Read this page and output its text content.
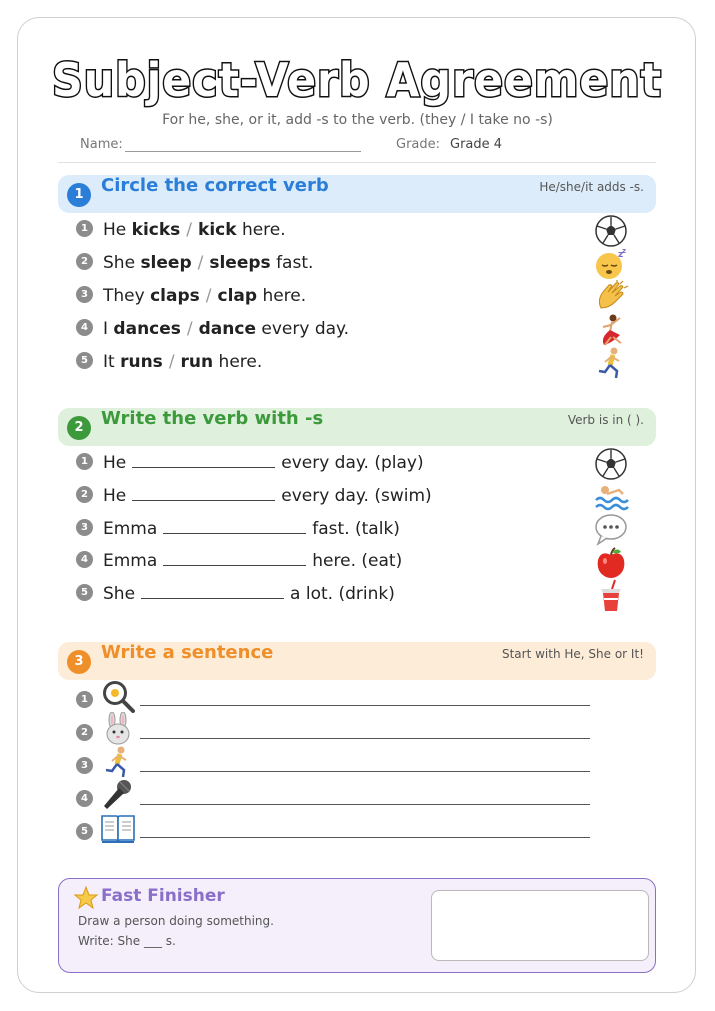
Subject-Verb Agreement
For he, she, or it, add -s to the verb. (they / I take no -s)
Name:	Grade: Grade 4
1 Circle the correct verb	He/she/it adds -s.
1 He kicks / kick here.
2 She sleep / sleeps fast.
3 They claps / clap here.
4 I dances / dance every day.
5 It runs / run here.
z
z
2 Write the verb with -s	Verb is in ( ).
1 He	every day. (play)
2 He	every day. (swim)
3 Emma	fast. (talk)
4 Emma	here. (eat)
5 She	a lot. (drink)
3 Write a sentence	Start with He, She or It!
1
2
3
4
5
Fast Finisher
Draw a person doing something.
Write: She ___ s.
